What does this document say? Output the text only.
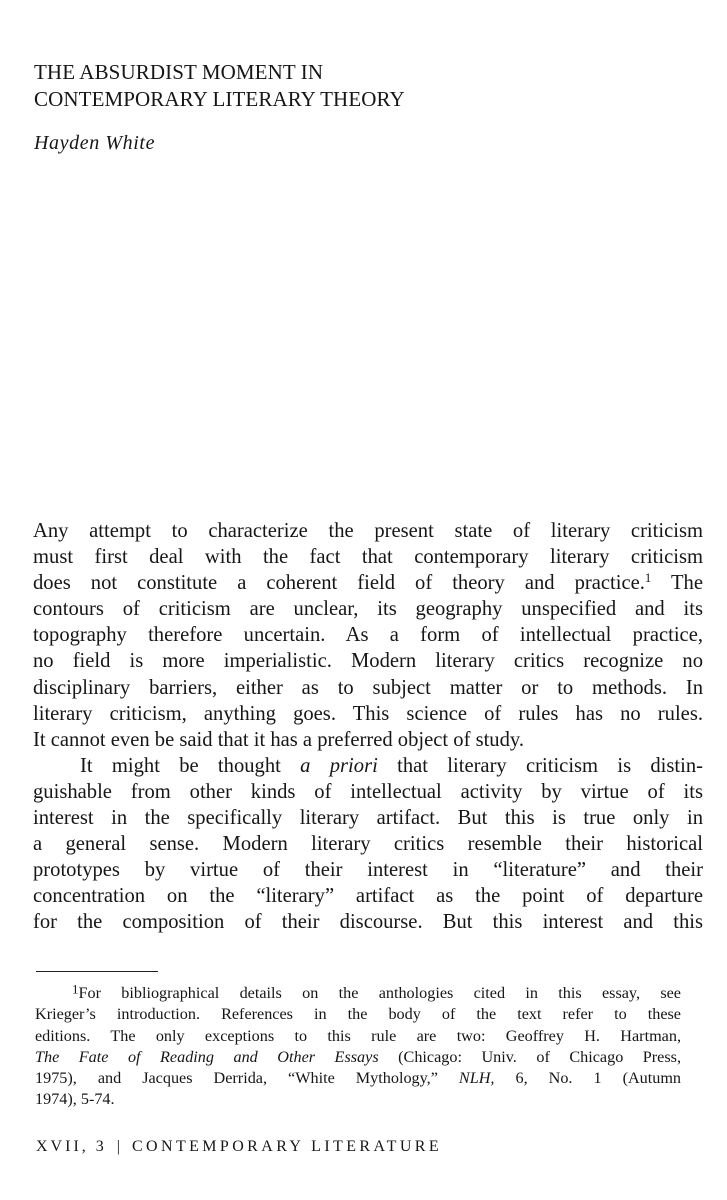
THE ABSURDIST MOMENT IN
CONTEMPORARY LITERARY THEORY
Hayden White
Any attempt to characterize the present state of literary criticism
must first deal with the fact that contemporary literary criticism
does not constitute a coherent field of theory and practice.$^1$ The
contours of criticism are unclear, its geography unspecified and its
topography therefore uncertain. As a form of intellectual practice,
no field is more imperialistic. Modern literary critics recognize no
disciplinary barriers, either as to subject matter or to methods. In
literary criticism, anything goes. This science of rules has no rules.
It cannot even be said that it has a preferred object of study.
It might be thought a priori that literary criticism is distin-
guishable from other kinds of intellectual activity by virtue of its
interest in the specifically literary artifact. But this is true only in
a general sense. Modern literary critics resemble their historical
prototypes by virtue of their interest in “literature” and their
concentration on the “literary” artifact as the point of departure
for the composition of their discourse. But this interest and this
$^1$For bibliographical details on the anthologies cited in this essay, see
Krieger’s introduction. References in the body of the text refer to these
editions. The only exceptions to this rule are two: Geoffrey H. Hartman,
The Fate of Reading and Other Essays (Chicago: Univ. of Chicago Press,
1975), and Jacques Derrida, “White Mythology,” NLH, 6, No. 1 (Autumn
1974), 5-74.
XVII, 3 | CONTEMPORARY LITERATURE
